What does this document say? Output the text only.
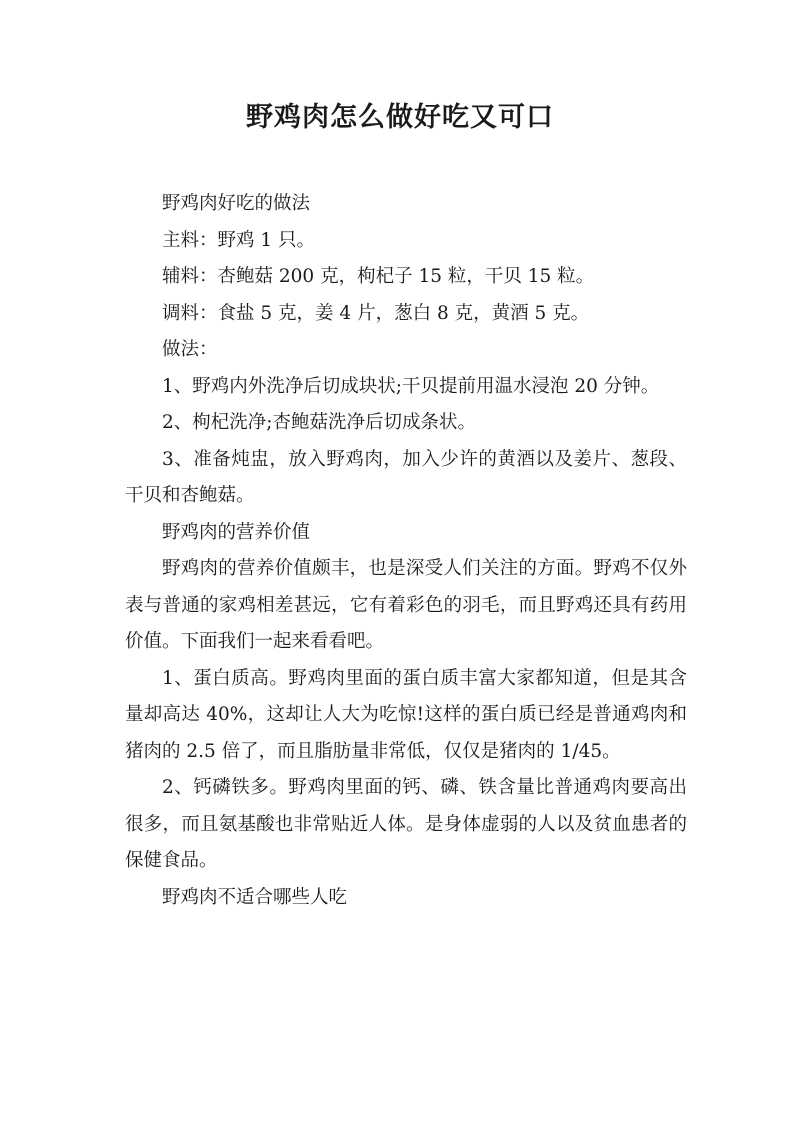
野鸡肉怎么做好吃又可口

野鸡肉好吃的做法

主料：野鸡 1 只。

辅料：杏鲍菇 200 克，枸杞子 15 粒，干贝 15 粒。

调料：食盐 5 克，姜 4 片，葱白 8 克，黄酒 5 克。

做法：

1、野鸡内外洗净后切成块状;干贝提前用温水浸泡 20 分钟。

2、枸杞洗净;杏鲍菇洗净后切成条状。

3、准备炖盅，放入野鸡肉，加入少许的黄酒以及姜片、葱段、干贝和杏鲍菇。

野鸡肉的营养价值

野鸡肉的营养价值颇丰，也是深受人们关注的方面。野鸡不仅外表与普通的家鸡相差甚远，它有着彩色的羽毛，而且野鸡还具有药用价值。下面我们一起来看看吧。

1、蛋白质高。野鸡肉里面的蛋白质丰富大家都知道，但是其含量却高达 40%，这却让人大为吃惊!这样的蛋白质已经是普通鸡肉和猪肉的 2.5 倍了，而且脂肪量非常低，仅仅是猪肉的 1/45。

2、钙磷铁多。野鸡肉里面的钙、磷、铁含量比普通鸡肉要高出很多，而且氨基酸也非常贴近人体。是身体虚弱的人以及贫血患者的保健食品。

野鸡肉不适合哪些人吃
